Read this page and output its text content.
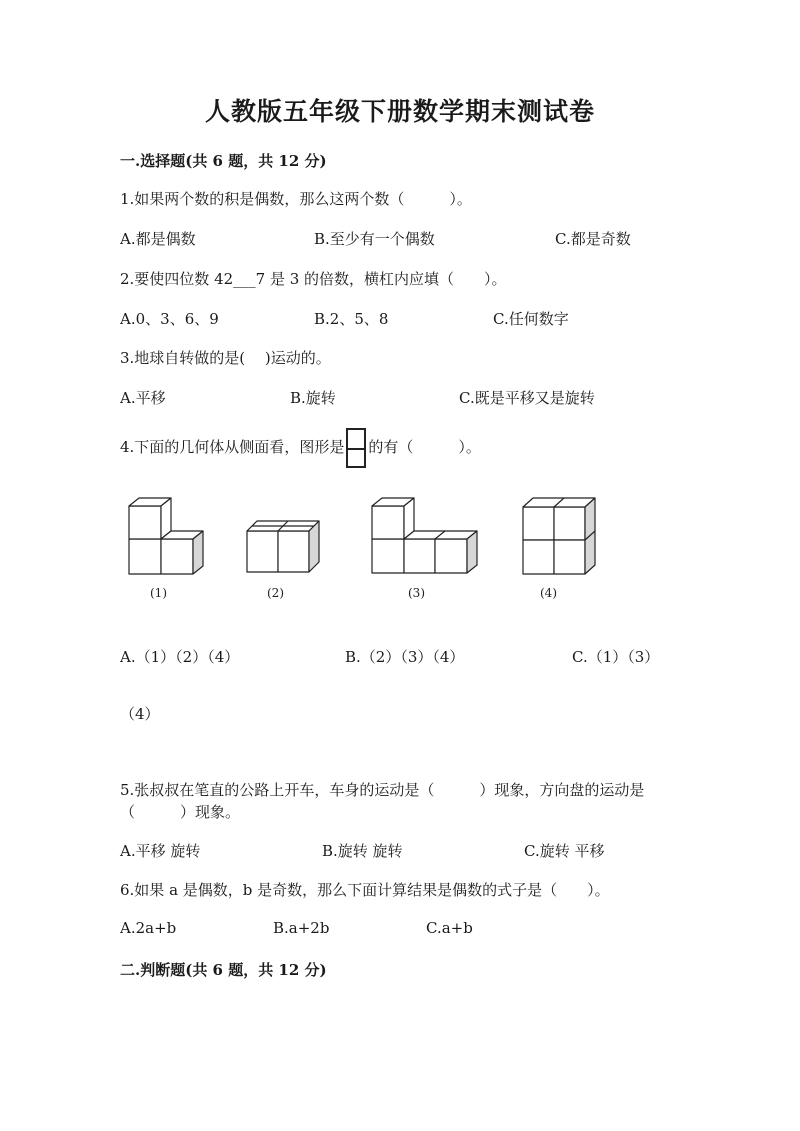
人教版五年级下册数学期末测试卷
一.选择题(共 6 题，共 12 分)
1.如果两个数的积是偶数，那么这两个数（　　　）。
A.都是偶数	B.至少有一个偶数	C.都是奇数
2.要使四位数 42___7 是 3 的倍数，横杠内应填（　　）。
A.0、3、6、9	B.2、5、8	C.任何数字
3.地球自转做的是(　 )运动的。
A.平移	B.旋转	C.既是平移又是旋转
4.下面的几何体从侧面看，图形是 的有（　　　）。
(1)	(2)	(3)	(4)
A.（1）（2）（4）	B.（2）（3）（4）	C.（1）（3）
（4）
5.张叔叔在笔直的公路上开车，车身的运动是（　　　）现象，方向盘的运动是
（　　　）现象。
A.平移 旋转	B.旋转 旋转	C.旋转 平移
6.如果 a 是偶数，b 是奇数，那么下面计算结果是偶数的式子是（　　）。
A.2a+b	B.a+2b	C.a+b
二.判断题(共 6 题，共 12 分)
